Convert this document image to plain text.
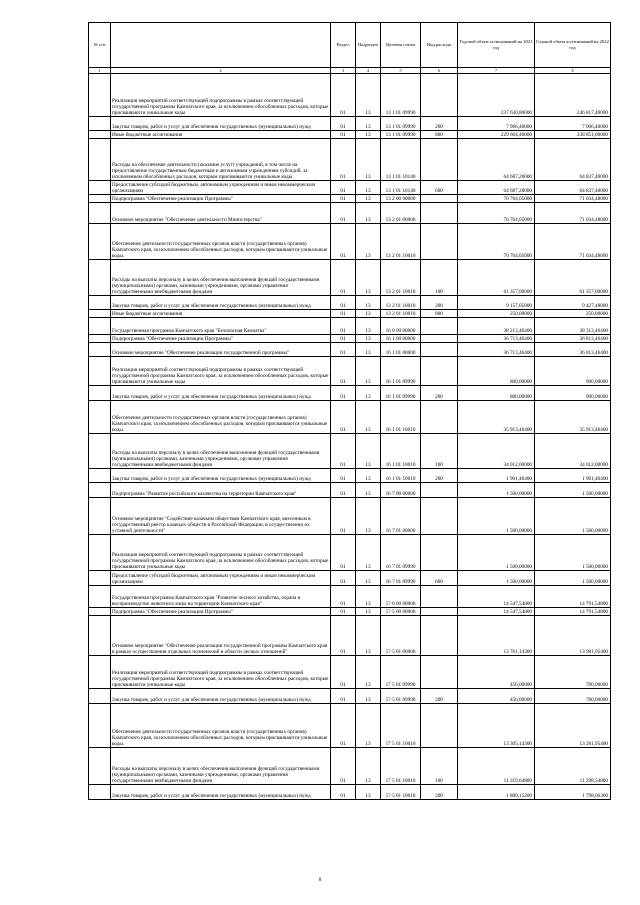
№ п/п		Раздел	Подраздел	Целевая статья	Вид расхода	Годовой объем ассигнований на 2021 год	Годовой объем ассигнований на 2022 год
1	2	3	4	5	6	7	8
	Реализация мероприятий соответствующей подпрограммы в рамках соответствующей государственной программы Камчатского края, за исключением обособленных расходов, которые присваиваются уникальные коды	01	13	13 1 01 09990		237 630,80000	246 817,40000
	Закупка товаров, работ и услуг для обеспечения государственных (муниципальных) нужд	01	13	13 1 01 09990	200	7 966,40000	7 966,40000
	Иные бюджетные ассигнования	01	13	13 1 01 09990	800	229 664,40000	238 851,00000
	Расходы на обеспечение деятельности (оказание услуг) учреждений, в том числе на предоставление государственным бюджетным и автономным учреждениям субсидий, за исключением обособленных расходов, которым присваиваются уникальные коды	01	13	13 1 01 10140		64 687,28000	64 837,40000
	Предоставление субсидий бюджетным, автономным учреждениям и иным некоммерческим организациям	01	13	13 1 01 10140	600	64 687,28000	64 837,40000
	Подпрограмма "Обеспечение реализации Программы"	01	13	13 2 00 00000		70 764,05000	71 034,48000
	Основное мероприятие "Обеспечение деятельности Министерства"	01	13	13 2 01 00000		70 764,05000	71 034,48000
	Обеспечение деятельности государственных органов власти (государственных органов) Камчатского края, за исключением обособленных расходов, которым присваиваются уникальные коды.	01	13	13 2 01 10010		70 764,05000	71 034,48000
	Расходы на выплаты персоналу в целях обеспечения выполнения функций государственными (муниципальными) органами, казенными учреждениями, органами управления государственными внебюджетными фондами	01	13	13 2 01 10010	100	61 357,00000	61 357,00000
	Закупка товаров, работ и услуг для обеспечения государственных (муниципальных) нужд	01	13	13 2 01 10010	200	9 157,05000	9 427,48000
	Иные бюджетные ассигнования	01	13	13 2 01 10010	800	250,00000	250,00000
	Государственная программа Камчатского края "Безопасная Камчатка"	01	13	16 0 00 00000		38 213,46400	38 313,46400
	Подпрограмма "Обеспечение реализации Программы"	01	13	16 1 00 00000		36 713,46400	36 813,46400
	Основное мероприятие "Обеспечение реализации государственной программы"	01	13	16 1 01 00000		36 713,46400	36 813,46400
	Реализация мероприятий соответствующей подпрограммы в рамках соответствующей государственной программы Камчатского края, за исключением обособленных расходов, которые присваиваются уникальные коды	01	13	16 1 01 09990		800,00000	900,00000
	Закупка товаров, работ и услуг для обеспечения государственных (муниципальных) нужд	01	13	16 1 01 09990	200	800,00000	900,00000
	Обеспечение деятельности государственных органов власти (государственных органов) Камчатского края, за исключением обособленных расходов, которым присваиваются уникальные коды.	01	13	16 1 01 10010		35 913,46400	35 913,46400
	Расходы на выплаты персоналу в целях обеспечения выполнения функций государственными (муниципальными) органами, казенными учреждениями, органами управления государственными внебюджетными фондами	01	13	16 1 01 10010	100	34 012,00000	34 012,00000
	Закупка товаров, работ и услуг для обеспечения государственных (муниципальных) нужд	01	13	16 1 01 10010	200	1 901,46400	1 901,46400
	Подпрограмма "Развитие российского казачества на территории Камчатского края"	01	13	16 7 00 00000		1 500,00000	1 500,00000
	Основное мероприятие "Содействие казачьим обществам Камчатского края, внесенным в государственный реестр казачьих обществ в Российской Федерации, в осуществлении их уставной деятельности"	01	13	16 7 01 00000		1 500,00000	1 500,00000
	Реализация мероприятий соответствующей подпрограммы в рамках соответствующей государственной программы Камчатского края, за исключением обособленных расходов, которые присваиваются уникальные коды	01	13	16 7 01 09990		1 500,00000	1 500,00000
	Предоставление субсидий бюджетным, автономным учреждениям и иным некоммерческим организациям	01	13	16 7 01 09990	600	1 500,00000	1 500,00000
	Государственная программа Камчатского края "Развитие лесного хозяйства, охрана и воспроизводство животного мира на территории Камчатского края"	01	13	17 0 00 00000		14 547,54800	14 791,54800
	Подпрограмма "Обеспечение реализации Программы"	01	13	17 5 00 00000		14 547,54800	14 791,54800
	Основное мероприятие "Обеспечение реализации государственной программы Камчатского края в рамках осуществления отдельных полномочий в области лесных отношений"	01	13	17 5 01 00000		13 761,14300	13 981,95400
	Реализация мероприятий соответствующей подпрограммы в рамках соответствующей государственной программы Камчатского края, за исключением обособленных расходов, которые присваиваются уникальные коды	01	13	17 5 01 09990		456,00000	700,00000
	Закупка товаров, работ и услуг для обеспечения государственных (муниципальных) нужд	01	13	17 5 01 09990	200	456,00000	700,00000
	Обеспечение деятельности государственных органов власти (государственных органов) Камчатского края, за исключением обособленных расходов, которым присваиваются уникальные коды.	01	13	17 5 01 10010		13 305,14300	13 281,95400
	Расходы на выплаты персоналу в целях обеспечения выполнения функций государственными (муниципальными) органами, казенными учреждениями, органами управления государственными внебюджетными фондами	01	13	17 5 01 10010	100	11 319,64800	11 298,54800
	Закупка товаров, работ и услуг для обеспечения государственных (муниципальных) нужд	01	13	17 5 01 10010	200	1 800,15200	1 798,06300
8
